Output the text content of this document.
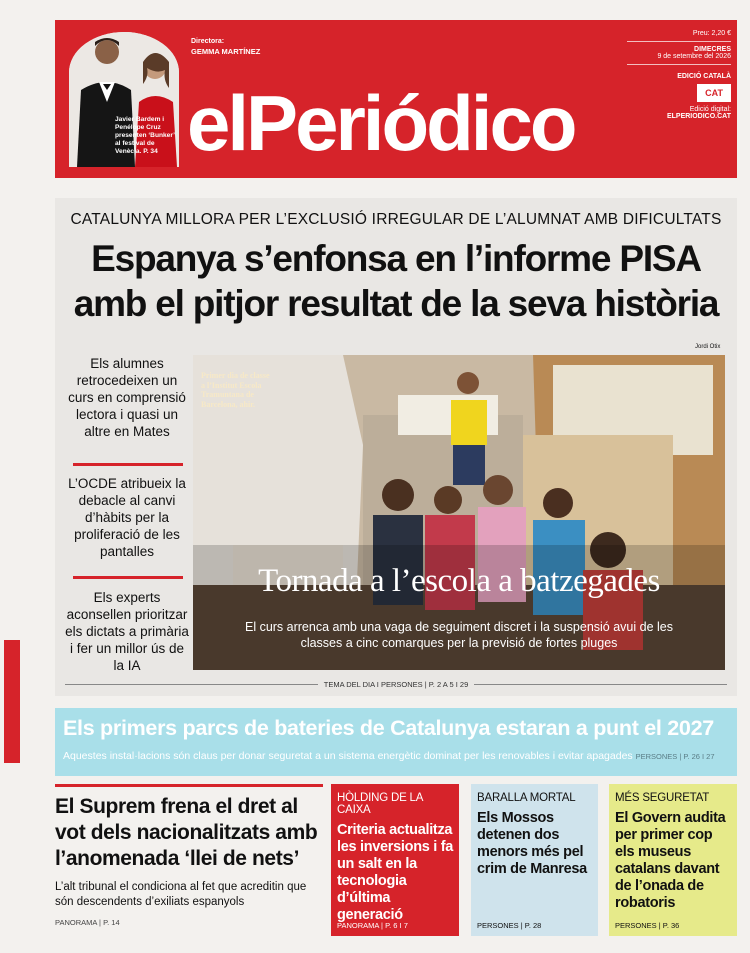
Javier Bardem i Penélope Cruz presenten ‘Bunker’ al festival de Venècia. P. 34
Directora:
GEMMA MARTÍNEZ
elPeriódico
Preu: 2,20 €
DIMECRES
9 de setembre del 2026
EDICIÓ CATALÀ
CAT
Edició digital:
ELPERIODICO.CAT
CATALUNYA MILLORA PER L’EXCLUSIÓ IRREGULAR DE L’ALUMNAT AMB DIFICULTATS
Espanya s’enfonsa en l’informe PISA
amb el pitjor resultat de la seva història
Jordi Otix
Els alumnes retrocedeixen un curs en comprensió lectora i quasi un altre en Mates
L’OCDE atribueix la debacle al canvi d’hàbits per la proliferació de les pantalles
Els experts aconsellen prioritzar els dictats a primària i fer un millor ús de la IA
Primer dia de classe a l’Institut Escola Tramuntana de Barcelona, ahir.
Tornada a l’escola a batzegades
El curs arrenca amb una vaga de seguiment discret i la suspensió avui de les classes a cinc comarques per la previsió de fortes pluges
TEMA DEL DIA I PERSONES | P. 2 A 5 I 29
Els primers parcs de bateries de Catalunya estaran a punt el 2027
Aquestes instal·lacions són claus per donar seguretat a un sistema energètic dominat per les renovables i evitar apagades PERSONES | P. 26 I 27
El Suprem frena el dret al vot dels nacionalitzats amb l’anomenada ‘llei de nets’
L’alt tribunal el condiciona al fet que acreditin que són descendents d’exiliats espanyols
PANORAMA | P. 14
HÒLDING DE LA CAIXA
Criteria actualitza les inversions i fa un salt en la tecnologia d’última generació
PANORAMA | P. 6 I 7
BARALLA MORTAL
Els Mossos detenen dos menors més pel crim de Manresa
PERSONES | P. 28
MÉS SEGURETAT
El Govern audita per primer cop els museus catalans davant de l’onada de robatoris
PERSONES | P. 36
